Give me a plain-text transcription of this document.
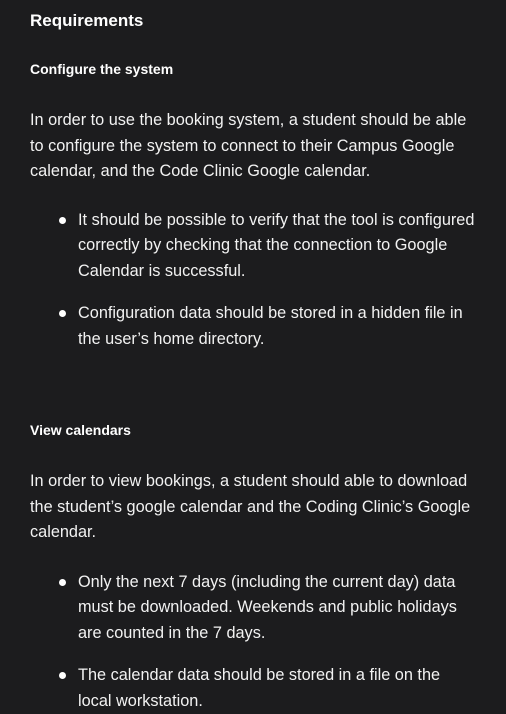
Requirements
Configure the system

In order to use the booking system, a student should be able to configure the system to connect to their Campus Google calendar, and the Code Clinic Google calendar.

It should be possible to verify that the tool is configured correctly by checking that the connection to Google Calendar is successful.
Configuration data should be stored in a hidden file in the user’s home directory.
View calendars

In order to view bookings, a student should able to download the student’s google calendar and the Coding Clinic’s Google calendar.

Only the next 7 days (including the current day) data must be downloaded. Weekends and public holidays are counted in the 7 days.
The calendar data should be stored in a file on the local workstation.
